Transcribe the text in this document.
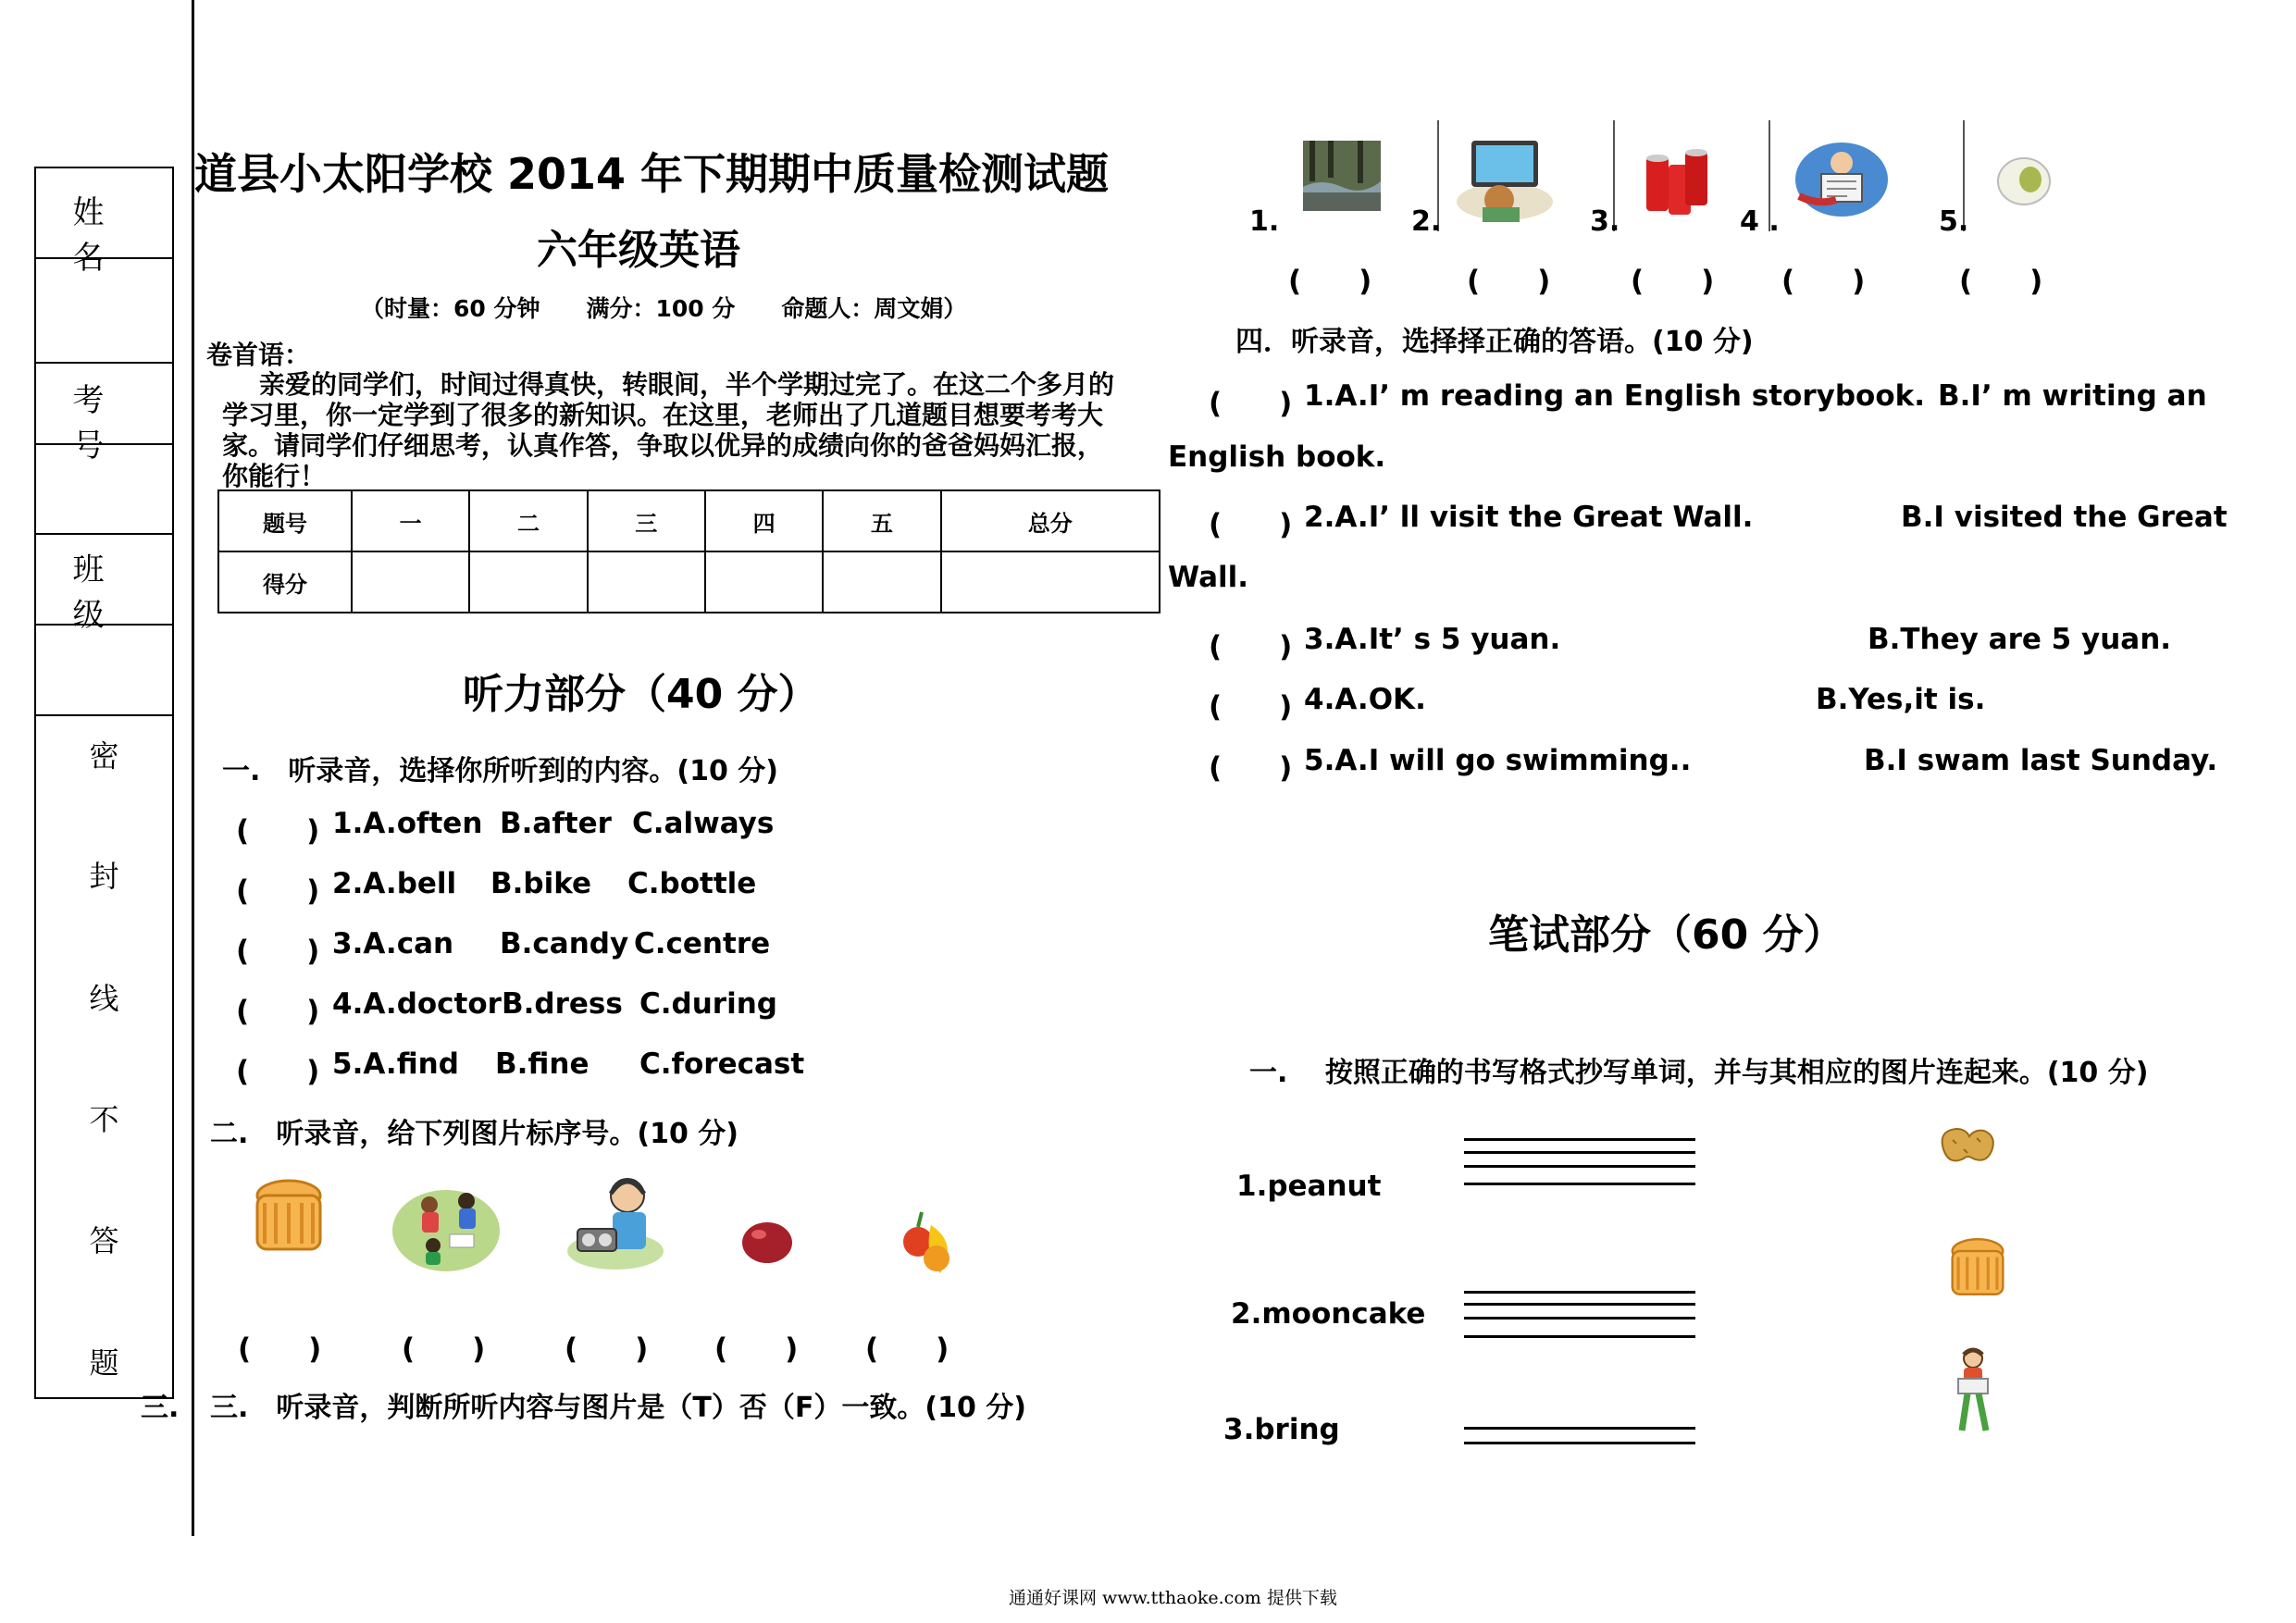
姓 名
考 号
班 级
密
封
线
不
答
题
道县小太阳学校 2014 年下期期中质量检测试题
六年级英语
（时量：60 分钟　　满分：100 分　　命题人：周文娟）
卷首语：
亲爱的同学们，时间过得真快，转眼间，半个学期过完了。在这二个多月的
学习里，你一定学到了很多的新知识。在这里，老师出了几道题目想要考考大
家。请同学们仔细思考，认真作答，争取以优异的成绩向你的爸爸妈妈汇报，
你能行！
题号	一	二	三	四	五	总分
得分						
听力部分（40 分）
一.　听录音，选择你所听到的内容。(10 分)
(　　) 1.A.often B.after C.always
(　　) 2.A.bell B.bike C.bottle
(　　) 3.A.can B.candy C.centre
(　　) 4.A.doctor B.dress C.during
(　　) 5.A.find B.fine C.forecast
二.　听录音，给下列图片标序号。(10 分)
(　　)	(　　)	(　　) (　　) (　　)
三. 三.　听录音，判断所听内容与图片是（T）否（F）一致。(10 分)
1.	2.	3.	4 .	5.
(　　)	(　　)	(　　) (　　)	(　　)
四．听录音，选择择正确的答语。(10 分)
(　　) 1.A.I’ m reading an English storybook. B.I’ m writing an
English book.
(　　) 2.A.I’ ll visit the Great Wall.	B.I visited the Great
Wall.
(　　) 3.A.It’ s 5 yuan.	B.They are 5 yuan.
(　　) 4.A.OK.	B.Yes,it is.
(　　) 5.A.I will go swimming..	B.I swam last Sunday.
笔试部分（60 分）
一.　 按照正确的书写格式抄写单词，并与其相应的图片连起来。(10 分)
1.peanut
2.mooncake
3.bring
通通好课网 www.tthaoke.com 提供下载
